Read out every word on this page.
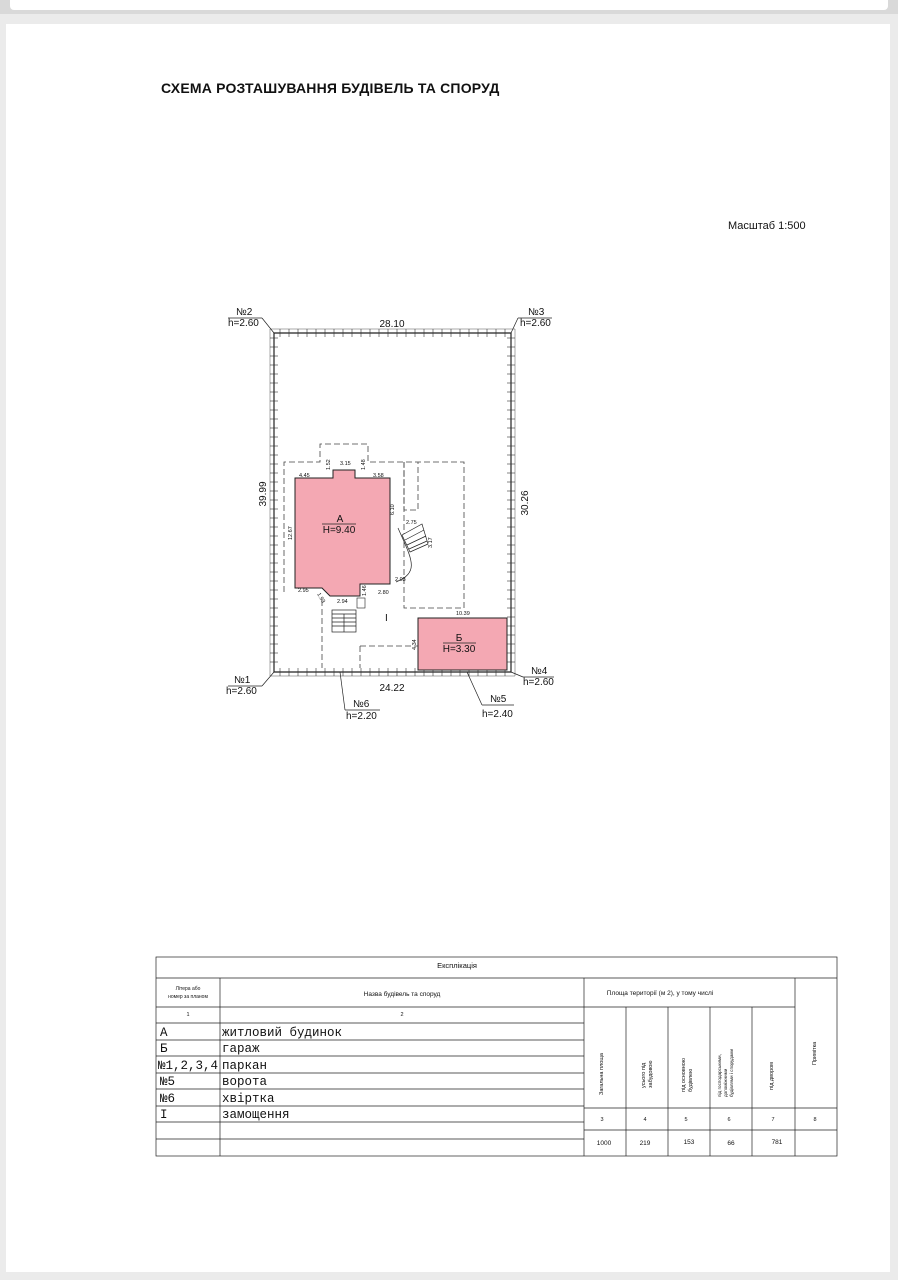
СХЕМА РОЗТАШУВАННЯ БУДІВЕЛЬ ТА СПОРУД
Масштаб 1:500
А
H=9.40
Б
H=3.30
№2
h=2.60
№3
h=2.60
№1
h=2.60
№4
h=2.60
№5
h=2.40
№6
h=2.20
28.10
24.22
39.99	30.26
I
4.45
3.15
3.58
1.52	1.48
12.67
6.10
2.75
3.17
2.03
2.80
2.95
1.93 2.94
1.46
10.39
4.34
Експлікація
Літера або номер за планом	Назва будівель та споруд	Площа території (м 2), у тому числі
Загальна площа	усього підзабудовою	під основноюбудівлею	під господарськими,допоміжнимибудівлями і спорудами	під двором
Примітка
1	2
3	4	5	6	7	8
А	житловий будинок
Б	гараж
№1,2,3,4 паркан
№5	ворота
№6	хвіртка
I	замощення
1000	219	153	66	781
